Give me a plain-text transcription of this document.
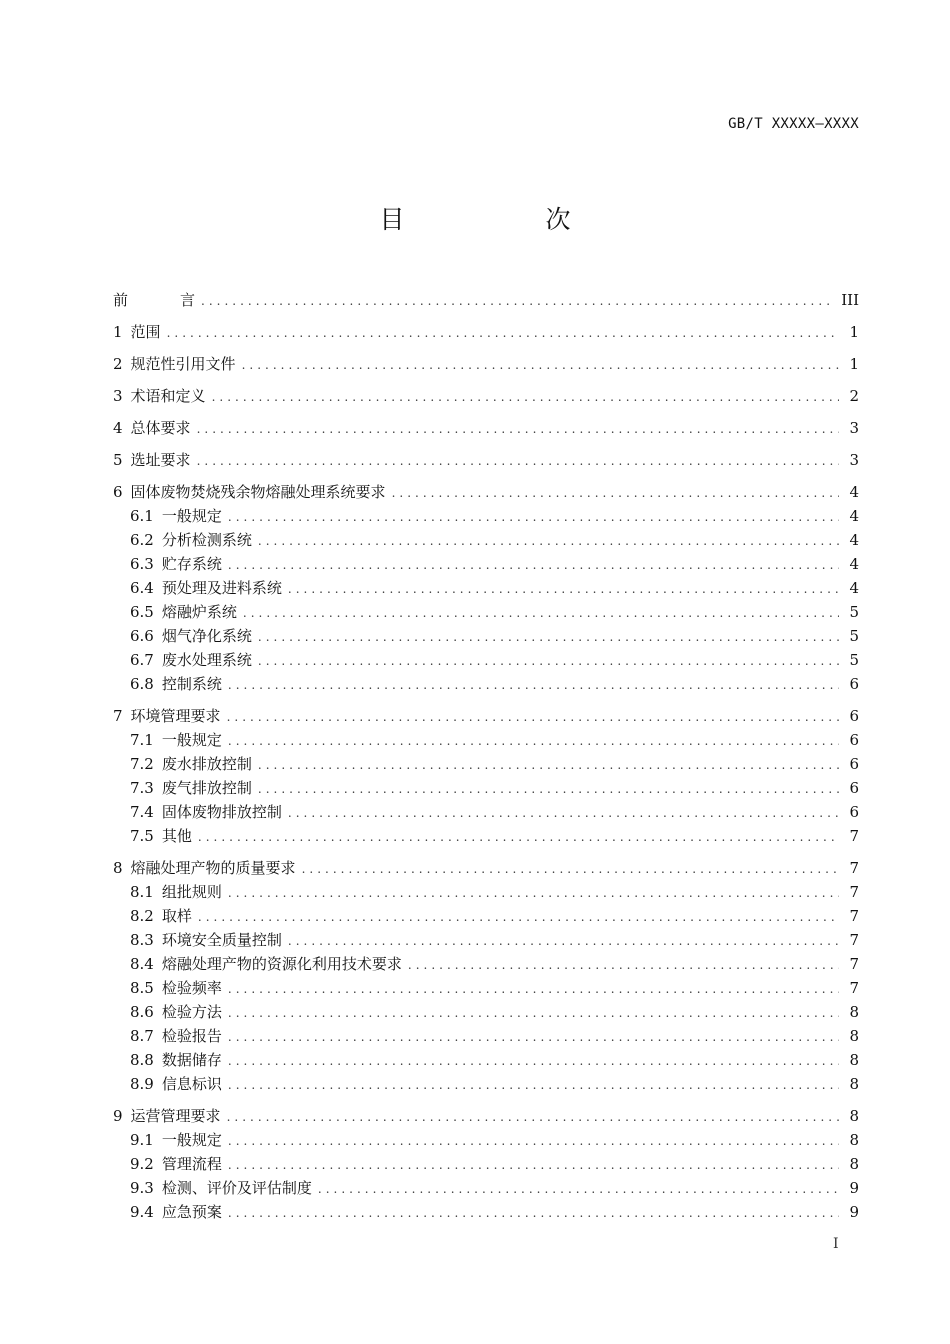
GB/T XXXXX—XXXX
目　次
前 言 .....	III
1 范围 .....	1
2 规范性引用文件 .....	1
3 术语和定义 .....	2
4 总体要求 .....	3
5 选址要求 .....	3
6 固体废物焚烧残余物熔融处理系统要求 .....	4
6.1 一般规定 .....	4
6.2 分析检测系统 .....	4
6.3 贮存系统 .....	4
6.4 预处理及进料系统 .....	4
6.5 熔融炉系统 .....	5
6.6 烟气净化系统 .....	5
6.7 废水处理系统 .....	5
6.8 控制系统 .....	6
7 环境管理要求 .....	6
7.1 一般规定 .....	6
7.2 废水排放控制 .....	6
7.3 废气排放控制 .....	6
7.4 固体废物排放控制 .....	6
7.5 其他 .....	7
8 熔融处理产物的质量要求 .....	7
8.1 组批规则 .....	7
8.2 取样 .....	7
8.3 环境安全质量控制 .....	7
8.4 熔融处理产物的资源化利用技术要求 .....	7
8.5 检验频率 .....	7
8.6 检验方法 .....	8
8.7 检验报告 .....	8
8.8 数据储存 .....	8
8.9 信息标识 .....	8
9 运营管理要求 .....	8
9.1 一般规定 .....	8
9.2 管理流程 .....	8
9.3 检测、评价及评估制度 .....	9
9.4 应急预案 .....	9
I
